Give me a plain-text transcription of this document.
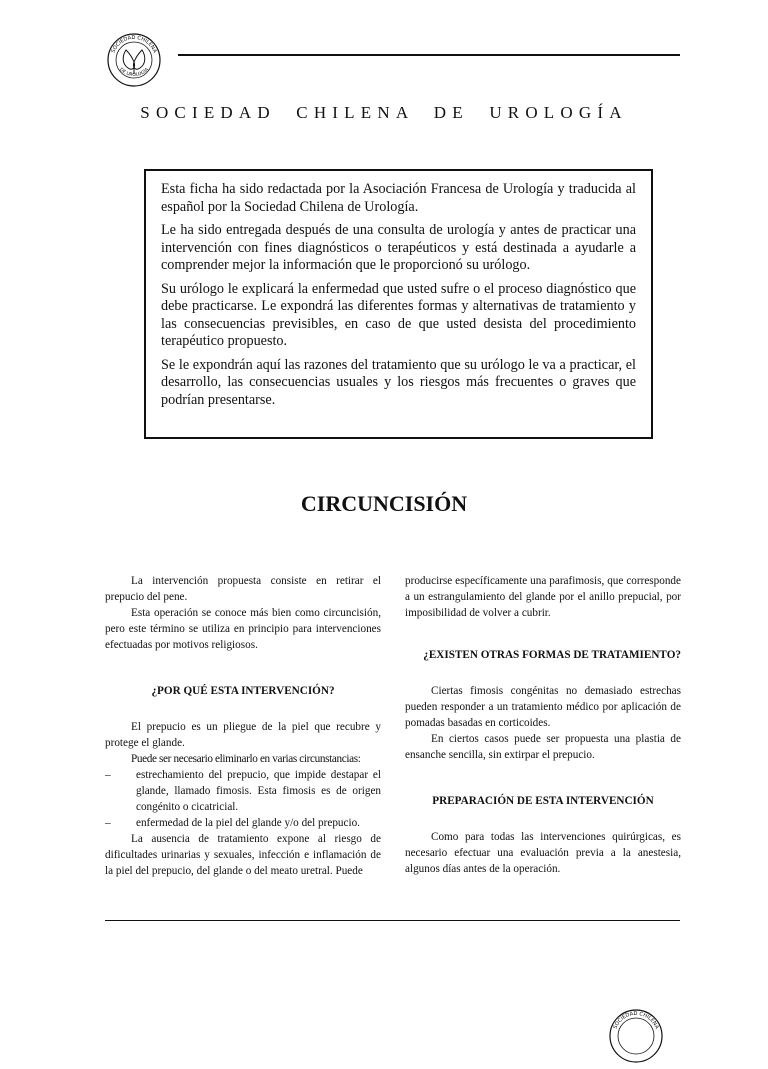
SOCIEDAD CHILENA
DE UROLOGÍA
SOCIEDAD CHILENA DE UROLOGÍA

Esta ficha ha sido redactada por la Asociación Francesa de Urología y traducida al español por la Sociedad Chilena de Urología.

Le ha sido entregada después de una consulta de urología y antes de practicar una intervención con fines diagnósticos o terapéuticos y está destinada a ayudarle a comprender mejor la información que le proporcionó su urólogo.

Su urólogo le explicará la enfermedad que usted sufre o el proceso diagnóstico que debe practicarse. Le expondrá las diferentes formas y alternativas de tratamiento y las consecuencias previsibles, en caso de que usted desista del procedimiento terapéutico propuesto.

Se le expondrán aquí las razones del tratamiento que su urólogo le va a practicar, el desarrollo, las consecuencias usuales y los riesgos más frecuentes o graves que podrían presentarse.

CIRCUNCISIÓN

La intervención propuesta consiste en retirar el prepucio del pene.

Esta operación se conoce más bien como circuncisión, pero este término se utiliza en principio para intervenciones efectuadas por motivos religiosos.

¿POR QUÉ ESTA INTERVENCIÓN?

El prepucio es un pliegue de la piel que recubre y protege el glande.

Puede ser necesario eliminarlo en varias circunstancias:

– estrechamiento del prepucio, que impide destapar el glande, llamado fimosis. Esta fimosis es de origen congénito o cicatricial.
– enfermedad de la piel del glande y/o del prepucio.

La ausencia de tratamiento expone al riesgo de dificultades urinarias y sexuales, infección e inflamación de la piel del prepucio, del glande o del meato uretral. Puede

producirse específicamente una parafimosis, que corresponde a un estrangulamiento del glande por el anillo prepucial, por imposibilidad de volver a cubrir.

¿EXISTEN OTRAS FORMAS DE TRATAMIENTO?

Ciertas fimosis congénitas no demasiado estrechas pueden responder a un tratamiento médico por aplicación de pomadas basadas en corticoides.

En ciertos casos puede ser propuesta una plastia de ensanche sencilla, sin extirpar el prepucio.

PREPARACIÓN DE ESTA INTERVENCIÓN

Como para todas las intervenciones quirúrgicas, es necesario efectuar una evaluación previa a la anestesia, algunos días antes de la operación.

SOCIEDAD CHILENA
